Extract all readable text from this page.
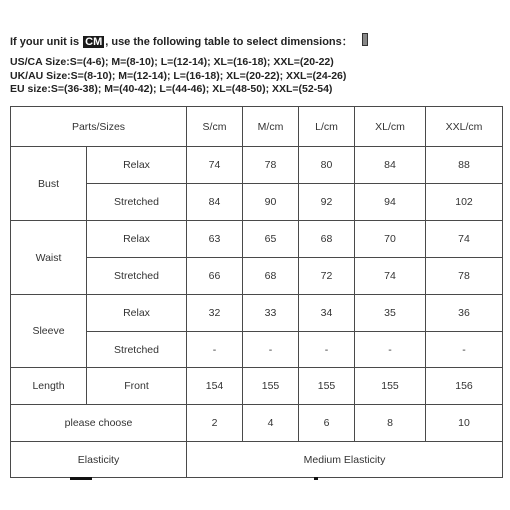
If your unit is CM , use the following table to select dimensions：
US/CA Size:S=(4-6); M=(8-10); L=(12-14); XL=(16-18); XXL=(20-22)
UK/AU Size:S=(8-10); M=(12-14); L=(16-18); XL=(20-22); XXL=(24-26)
EU size:S=(36-38); M=(40-42); L=(44-46); XL=(48-50); XXL=(52-54)
Parts/Sizes		S/cm	M/cm	L/cm	XL/cm	XXL/cm
Bust	Relax	74	78	80	84	88
	Stretched	84	90	92	94	102
Waist	Relax	63	65	68	70	74
	Stretched	66	68	72	74	78
Sleeve	Relax	32	33	34	35	36
	Stretched	-	-	-	-	-
Length	Front	154	155	155	155	156
please choose		2	4	6	8	10
Elasticity		Medium Elasticity				
